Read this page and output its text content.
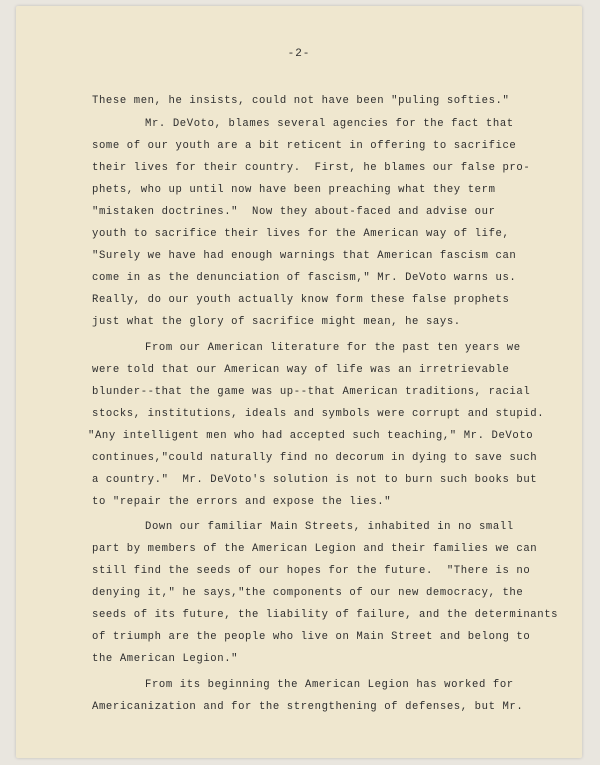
-2-
These men, he insists, could not have been "puling softies."
Mr. DeVoto, blames several agencies for the fact that
some of our youth are a bit reticent in offering to sacrifice
their lives for their country.  First, he blames our false pro-
phets, who up until now have been preaching what they term
"mistaken doctrines."  Now they about-faced and advise our
youth to sacrifice their lives for the American way of life,
"Surely we have had enough warnings that American fascism can
come in as the denunciation of fascism," Mr. DeVoto warns us.
Really, do our youth actually know form these false prophets
just what the glory of sacrifice might mean, he says.
From our American literature for the past ten years we
were told that our American way of life was an irretrievable
blunder--that the game was up--that American traditions, racial
stocks, institutions, ideals and symbols were corrupt and stupid.
"Any intelligent men who had accepted such teaching," Mr. DeVoto
continues,"could naturally find no decorum in dying to save such
a country."  Mr. DeVoto's solution is not to burn such books but
to "repair the errors and expose the lies."
Down our familiar Main Streets, inhabited in no small
part by members of the American Legion and their families we can
still find the seeds of our hopes for the future.  "There is no
denying it," he says,"the components of our new democracy, the
seeds of its future, the liability of failure, and the determinants
of triumph are the people who live on Main Street and belong to
the American Legion."
From its beginning the American Legion has worked for
Americanization and for the strengthening of defenses, but Mr.
